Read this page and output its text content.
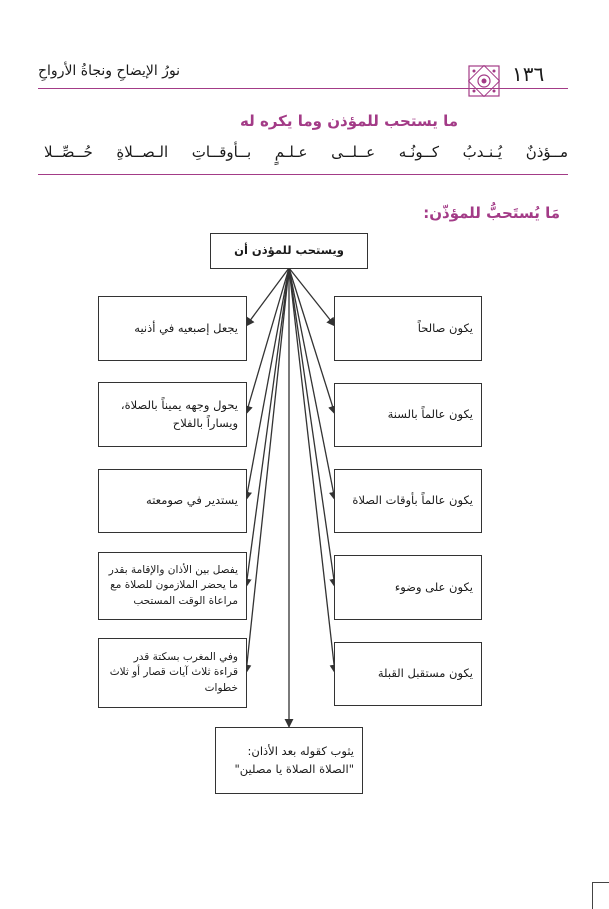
١٣٦
نورُ الإيضاحِ ونجاةُ الأرواحِ
ما يستحب للمؤذن وما يكره له
مــؤذنٌ يُـنـدبُ كــونُـه عــلــى عـلـمٍ بــأوقــاتِ الـصــلاةِ حُــصِّــلا
مَا يُستَحبُّ للمؤذّن:
ويستحب للمؤذن أن
يكون صالحاً
يكون عالماً بالسنة
يكون عالماً بأوقات الصلاة
يكون على وضوء
يكون مستقبل القبلة
يجعل إصبعيه في أذنيه
يحول وجهه يميناً بالصلاة، ويساراً بالفلاح
يستدير في صومعته
يفصل بين الأذان والإقامة بقدر ما يحضر الملازمون للصلاة مع مراعاة الوقت المستحب
وفي المغرب بسكتة قدر قراءة ثلاث آيات قصار أو ثلاث خطوات
يثوب كقوله بعد الأذان: "الصلاة الصلاة يا مصلين"
